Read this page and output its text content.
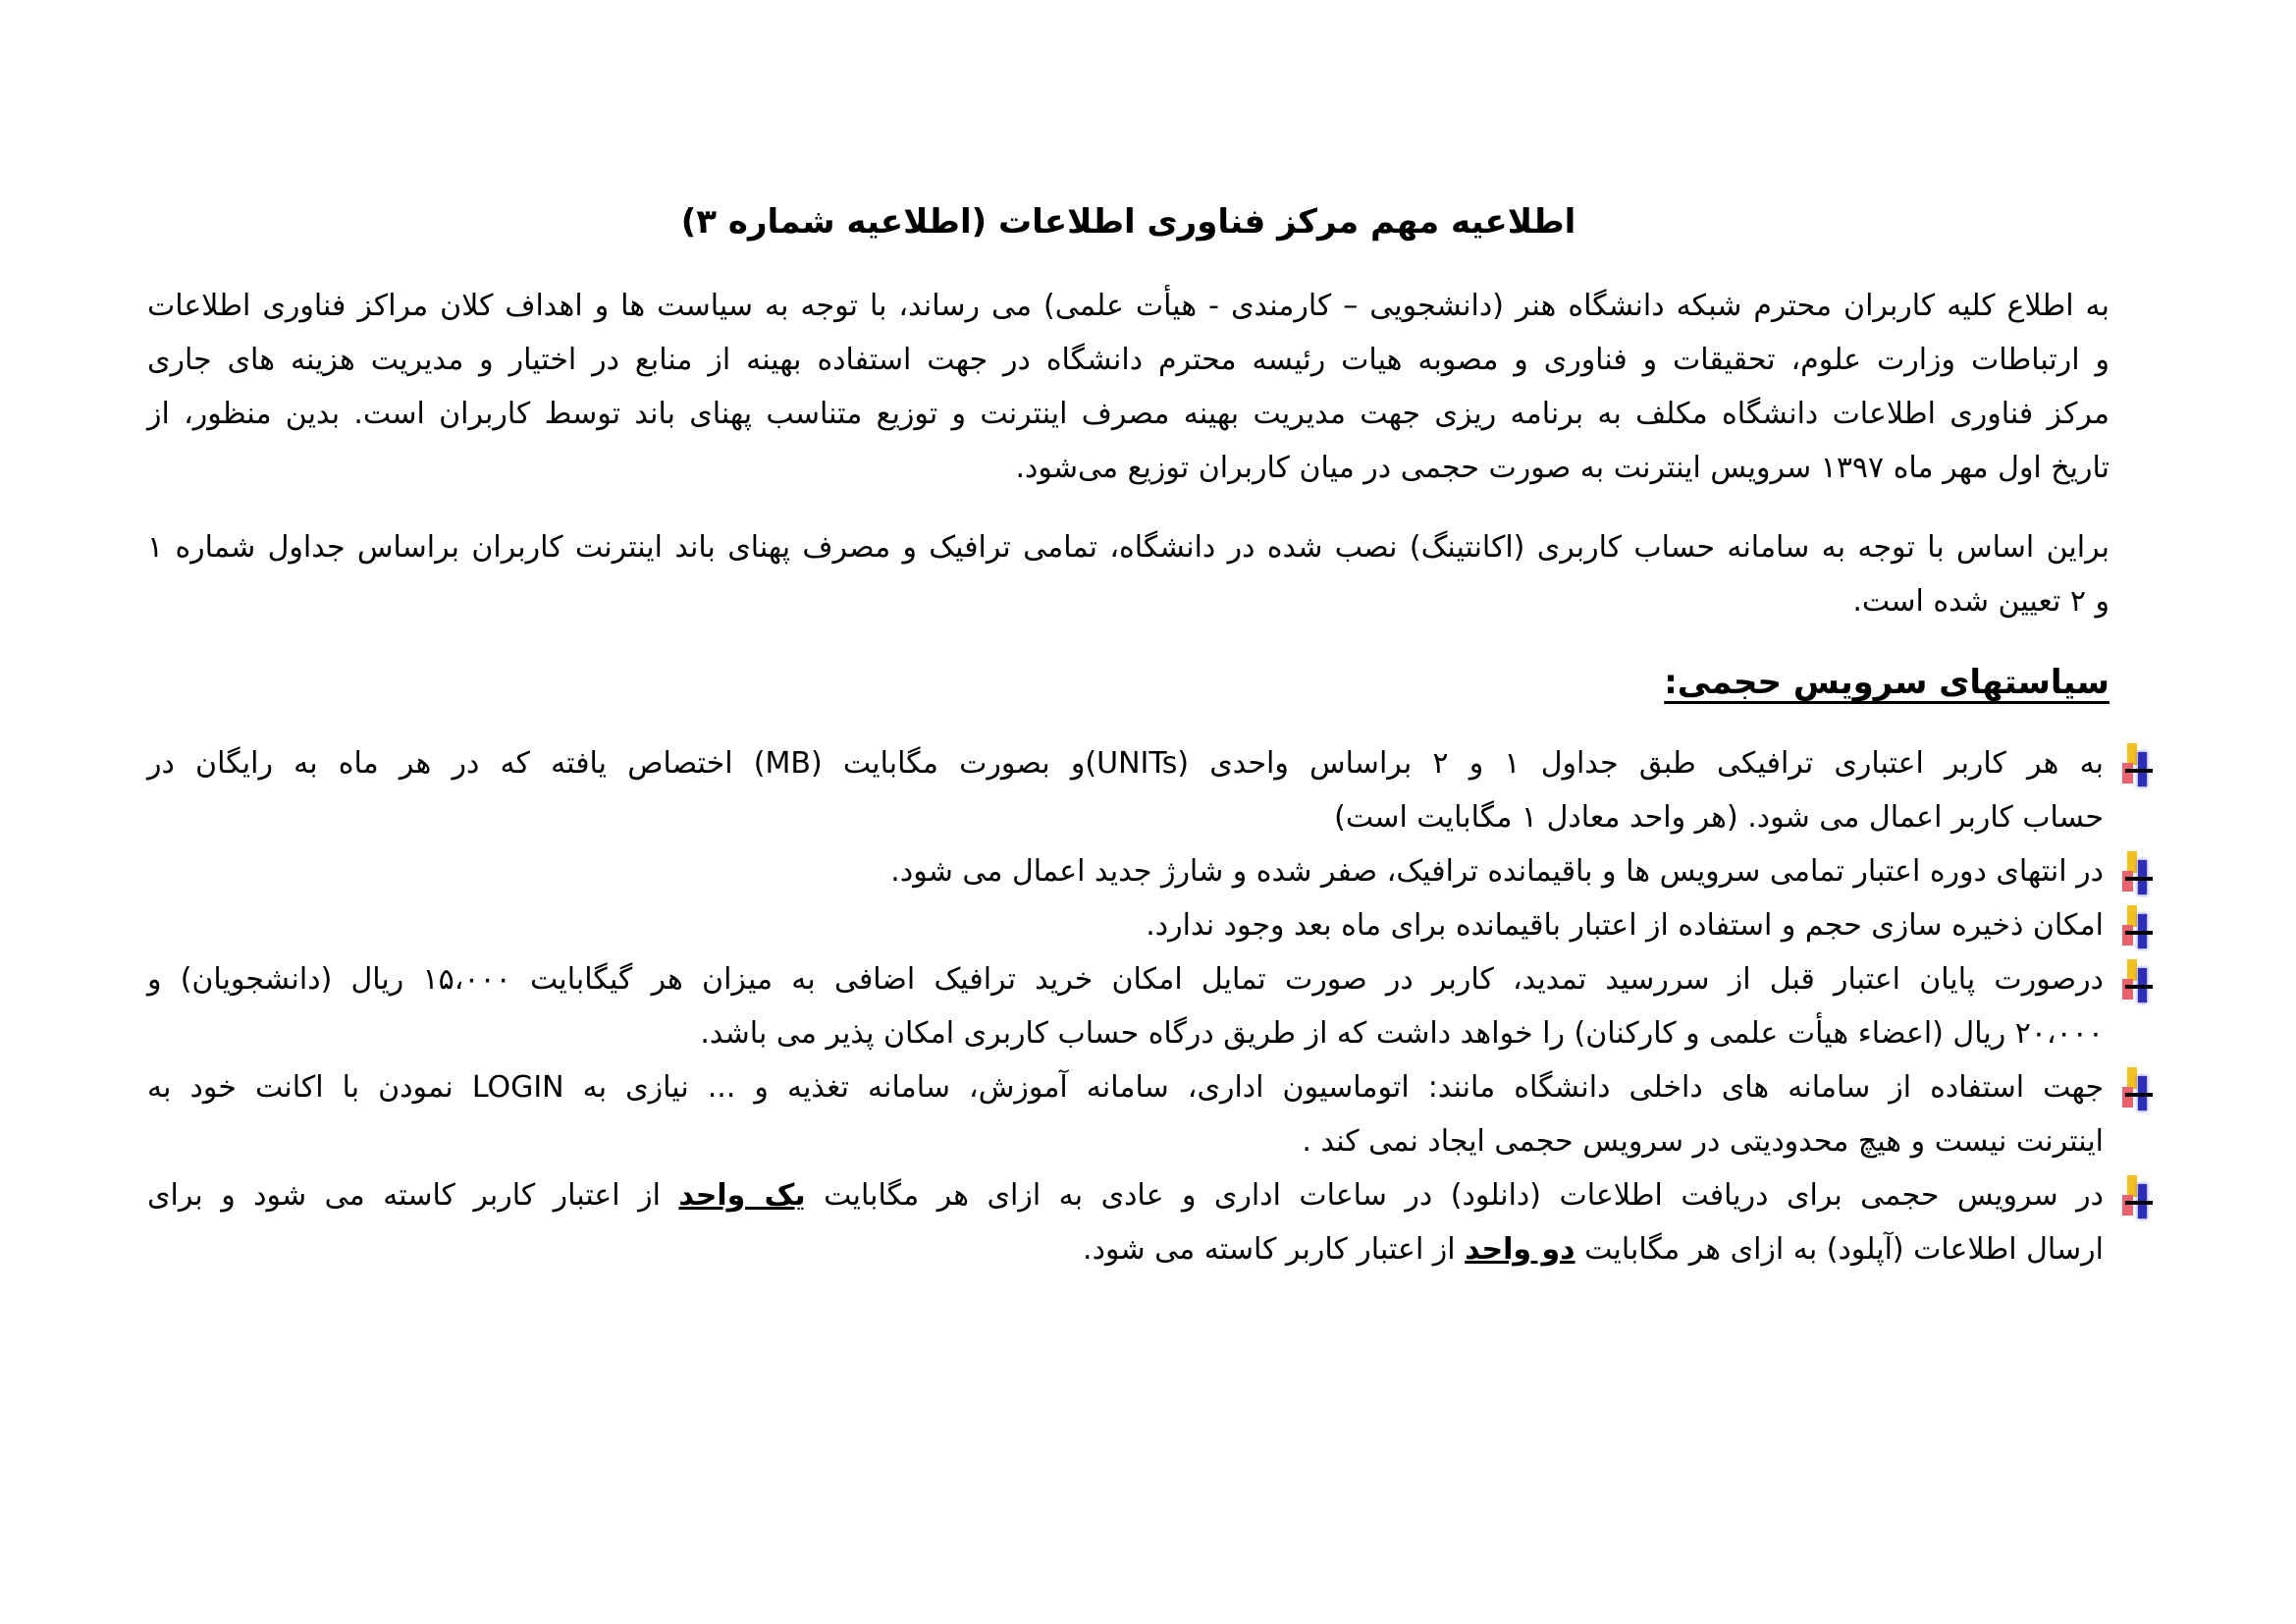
اطلاعیه مهم مرکز فناوری اطلاعات (اطلاعیه شماره ۳)
به اطلاع کلیه کاربران محترم شبکه دانشگاه هنر (دانشجویی – کارمندی - هیأت علمی) می رساند، با توجه به سیاست ها و اهداف کلان مراکز فناوری اطلاعات
و ارتباطات وزارت علوم، تحقیقات و فناوری و مصوبه هیات رئیسه محترم دانشگاه در جهت استفاده بهینه از منابع در اختیار و مدیریت هزینه های جاری
مرکز فناوری اطلاعات دانشگاه مکلف به برنامه ریزی جهت مدیریت بهینه مصرف اینترنت و توزیع متناسب پهنای باند توسط کاربران است. بدین منظور، از
تاریخ اول مهر ماه ۱۳۹۷ سرویس اینترنت به صورت حجمی در میان کاربران توزیع می‌شود.
براین اساس با توجه به سامانه حساب کاربری (اکانتینگ) نصب شده در دانشگاه، تمامی ترافیک و مصرف پهنای باند اینترنت کاربران براساس جداول شماره ۱
و ۲ تعیین شده است.
سیاستهای سرویس حجمی:
به هر کاربر اعتباری ترافیکی طبق جداول ۱ و ۲ براساس واحدی (UNITs)و بصورت مگابایت (MB) اختصاص یافته که در هر ماه به رایگان در
حساب کاربر اعمال می شود. (هر واحد معادل ۱ مگابایت است)
در انتهای دوره اعتبار تمامی سرویس ها و باقیمانده ترافیک، صفر شده و شارژ جدید اعمال می شود.
امکان ذخیره سازی حجم و استفاده از اعتبار باقیمانده برای ماه بعد وجود ندارد.
درصورت پایان اعتبار قبل از سررسید تمدید، کاربر در صورت تمایل امکان خرید ترافیک اضافی به میزان هر گیگابایت ۱۵،۰۰۰ ریال (دانشجویان) و
۲۰،۰۰۰ ریال (اعضاء هیأت علمی و کارکنان) را خواهد داشت که از طریق درگاه حساب کاربری امکان پذیر می باشد.
جهت استفاده از سامانه های داخلی دانشگاه مانند: اتوماسیون اداری، سامانه آموزش، سامانه تغذیه و ... نیازی به LOGIN نمودن با اکانت خود به
اینترنت نیست و هیچ محدودیتی در سرویس حجمی ایجاد نمی کند .
در سرویس حجمی برای دریافت اطلاعات (دانلود) در ساعات اداری و عادی به ازای هر مگابایت یک واحد از اعتبار کاربر کاسته می شود و برای
ارسال اطلاعات (آپلود) به ازای هر مگابایت دو واحد از اعتبار کاربر کاسته می شود.
